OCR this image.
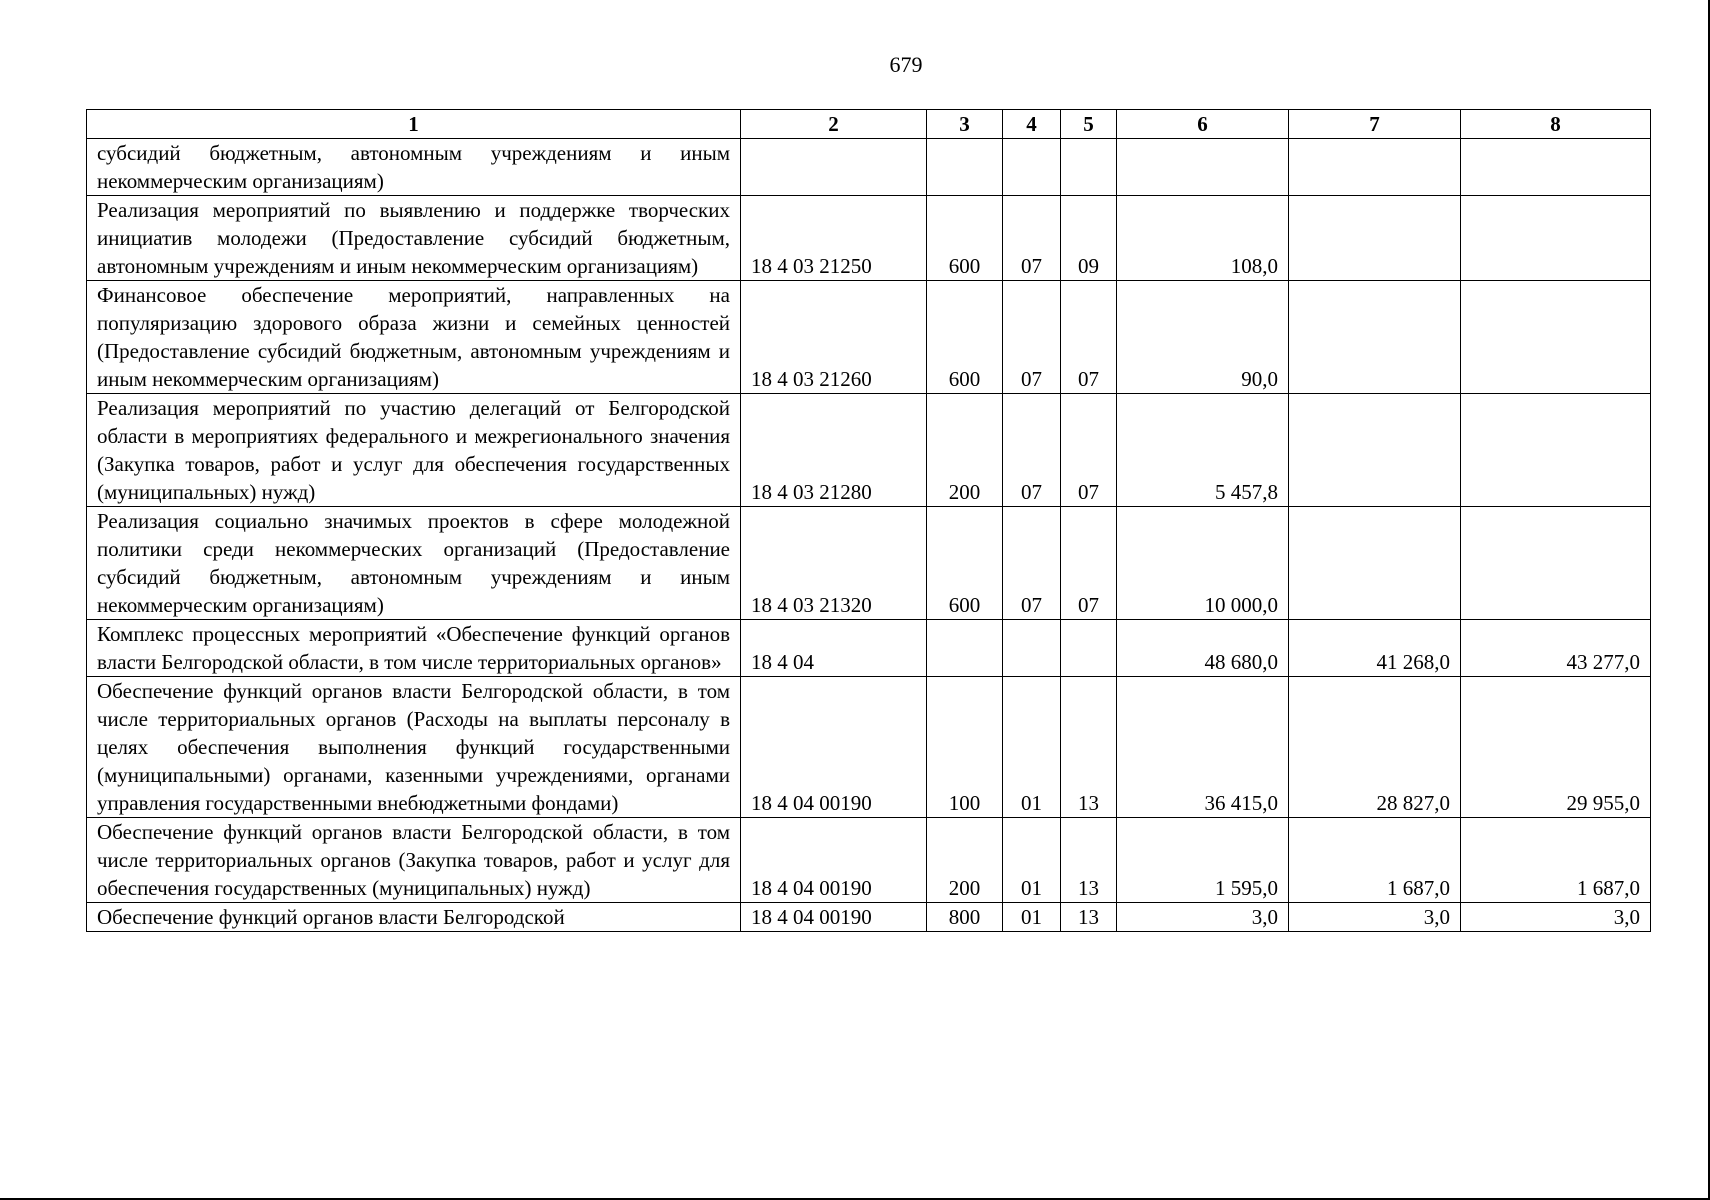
679
1	2	3	4	5	6	7	8
субсидий бюджетным, автономным учреждениям и иным некоммерческим организациям)							
Реализация мероприятий по выявлению и поддержке творческих инициатив молодежи (Предоставление субсидий бюджетным, автономным учреждениям и иным некоммерческим организациям)	18 4 03 21250	600	07	09	108,0		
Финансовое обеспечение мероприятий, направленных на популяризацию здорового образа жизни и семейных ценностей (Предоставление субсидий бюджетным, автономным учреждениям и иным некоммерческим организациям)	18 4 03 21260	600	07	07	90,0		
Реализация мероприятий по участию делегаций от Белгородской области в мероприятиях федерального и межрегионального значения (Закупка товаров, работ и услуг для обеспечения государственных (муниципальных) нужд)	18 4 03 21280	200	07	07	5 457,8		
Реализация социально значимых проектов в сфере молодежной политики среди некоммерческих организаций (Предоставление субсидий бюджетным, автономным учреждениям и иным некоммерческим организациям)	18 4 03 21320	600	07	07	10 000,0		
Комплекс процессных мероприятий «Обеспечение функций органов власти Белгородской области, в том числе территориальных органов»	18 4 04				48 680,0	41 268,0	43 277,0
Обеспечение функций органов власти Белгородской области, в том числе территориальных органов (Расходы на выплаты персоналу в целях обеспечения выполнения функций государственными (муниципальными) органами, казенными учреждениями, органами управления государственными внебюджетными фондами)	18 4 04 00190	100	01	13	36 415,0	28 827,0	29 955,0
Обеспечение функций органов власти Белгородской области, в том числе территориальных органов (Закупка товаров, работ и услуг для обеспечения государственных (муниципальных) нужд)	18 4 04 00190	200	01	13	1 595,0	1 687,0	1 687,0
Обеспечение функций органов власти Белгородской	18 4 04 00190	800	01	13	3,0	3,0	3,0
